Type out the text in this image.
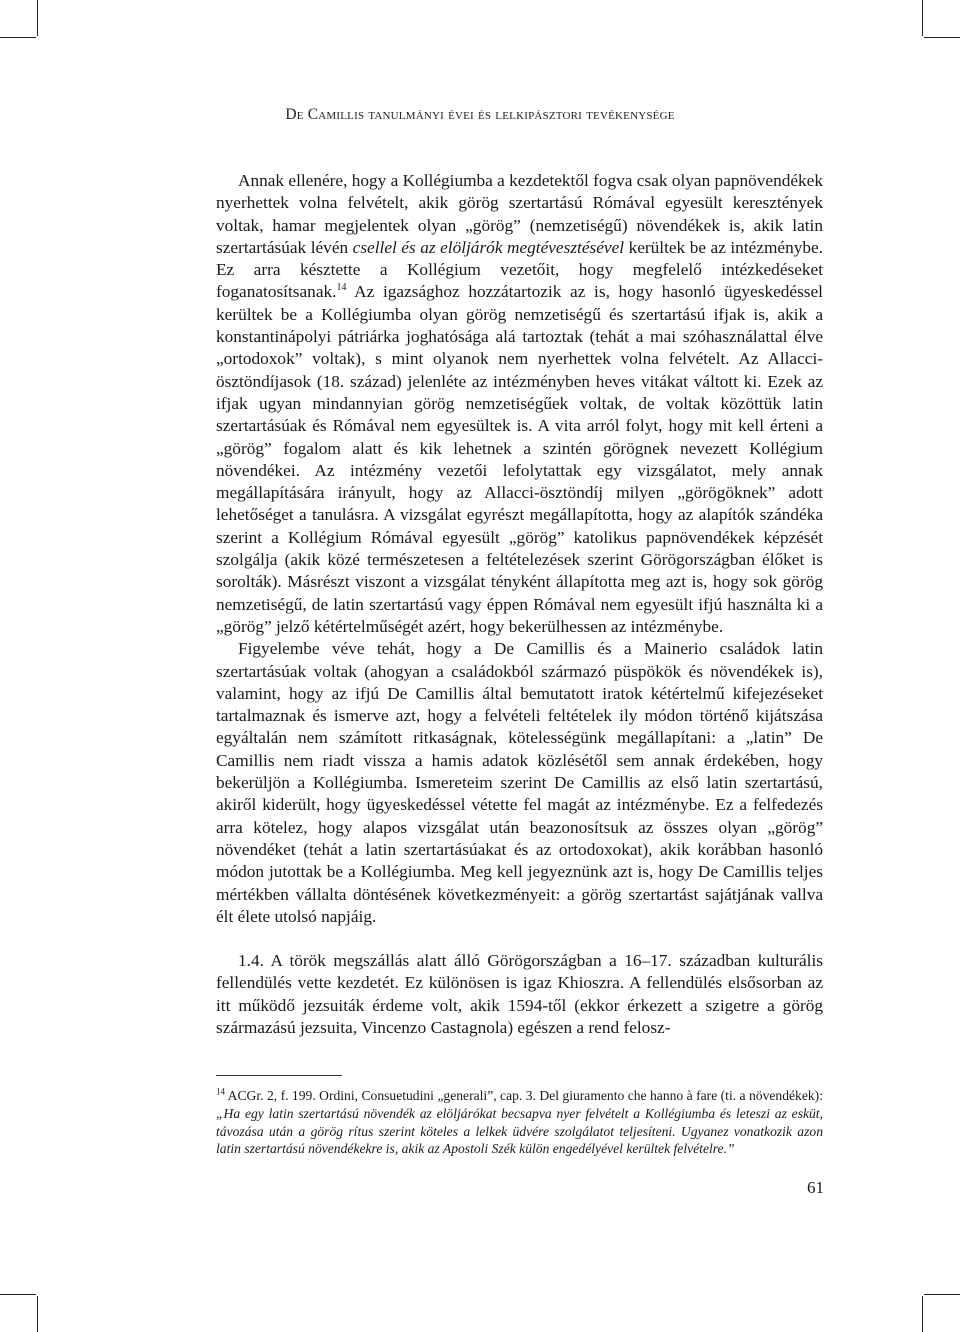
De Camillis tanulmányi évei és lelkipásztori tevékenysége

Annak ellenére, hogy a Kollégiumba a kezdetektől fogva csak olyan papnövendékek nyerhettek volna felvételt, akik görög szertartású Rómával egyesült keresztények voltak, hamar megjelentek olyan „görög” (nemzetiségű) növendékek is, akik latin szertartásúak lévén csellel és az elöljárók megtévesztésével kerültek be az intézménybe. Ez arra késztette a Kollégium vezetőit, hogy megfelelő intézkedéseket foganatosítsanak.$^{14}$ Az igazsághoz hozzátartozik az is, hogy hasonló ügyeskedéssel kerültek be a Kollégiumba olyan görög nemzetiségű és szertartású ifjak is, akik a konstantinápolyi pátriárka joghatósága alá tartoztak (tehát a mai szóhasználattal élve „ortodoxok” voltak), s mint olyanok nem nyerhettek volna felvételt. Az Allacci-ösztöndíjasok (18. század) jelenléte az intézményben heves vitákat váltott ki. Ezek az ifjak ugyan mindannyian görög nemzetiségűek voltak, de voltak közöttük latin szertartásúak és Rómával nem egyesültek is. A vita arról folyt, hogy mit kell érteni a „görög” fogalom alatt és kik lehetnek a szintén görögnek nevezett Kollégium növendékei. Az intézmény vezetői lefolytattak egy vizsgálatot, mely annak megállapítására irányult, hogy az Allacci-ösztöndíj milyen „görögöknek” adott lehetőséget a tanulásra. A vizsgálat egyrészt megállapította, hogy az alapítók szándéka szerint a Kollégium Rómával egyesült „görög” katolikus papnövendékek képzését szolgálja (akik közé természetesen a feltételezések szerint Görögországban élőket is sorolták). Másrészt viszont a vizsgálat tényként állapította meg azt is, hogy sok görög nemzetiségű, de latin szertartású vagy éppen Rómával nem egyesült ifjú használta ki a „görög” jelző kétértelműségét azért, hogy bekerülhessen az intézménybe.

Figyelembe véve tehát, hogy a De Camillis és a Mainerio családok latin szertartásúak voltak (ahogyan a családokból származó püspökök és növendékek is), valamint, hogy az ifjú De Camillis által bemutatott iratok kétértelmű kifejezéseket tartalmaznak és ismerve azt, hogy a felvételi feltételek ily módon történő kijátszása egyáltalán nem számított ritkaságnak, kötelességünk megállapítani: a „latin” De Camillis nem riadt vissza a hamis adatok közlésétől sem annak érdekében, hogy bekerüljön a Kollégiumba. Ismereteim szerint De Camillis az első latin szertartású, akiről kiderült, hogy ügyeskedéssel vétette fel magát az intézménybe. Ez a felfedezés arra kötelez, hogy alapos vizsgálat után beazonosítsuk az összes olyan „görög” növendéket (tehát a latin szertartásúakat és az ortodoxokat), akik korábban hasonló módon jutottak be a Kollégiumba. Meg kell jegyeznünk azt is, hogy De Camillis teljes mértékben vállalta döntésének következményeit: a görög szertartást sajátjának vallva élt élete utolsó napjáig.

1.4. A török megszállás alatt álló Görögországban a 16–17. században kulturális fellendülés vette kezdetét. Ez különösen is igaz Khioszra. A fellendülés elsősorban az itt működő jezsuiták érdeme volt, akik 1594-től (ekkor érkezett a szigetre a görög származású jezsuita, Vincenzo Castagnola) egészen a rend felosz-

$^{14}$ ACGr. 2, f. 199. Ordini, Consuetudini „generali”, cap. 3. Del giuramento che hanno à fare (ti. a növendékek): „Ha egy latin szertartású növendék az elöljárókat becsapva nyer felvételt a Kollégiumba és leteszi az esküt, távozása után a görög rítus szerint köteles a lelkek üdvére szolgálatot teljesíteni. Ugyanez vonatkozik azon latin szertartású növendékekre is, akik az Apostoli Szék külön engedélyével kerültek felvételre.”

61
